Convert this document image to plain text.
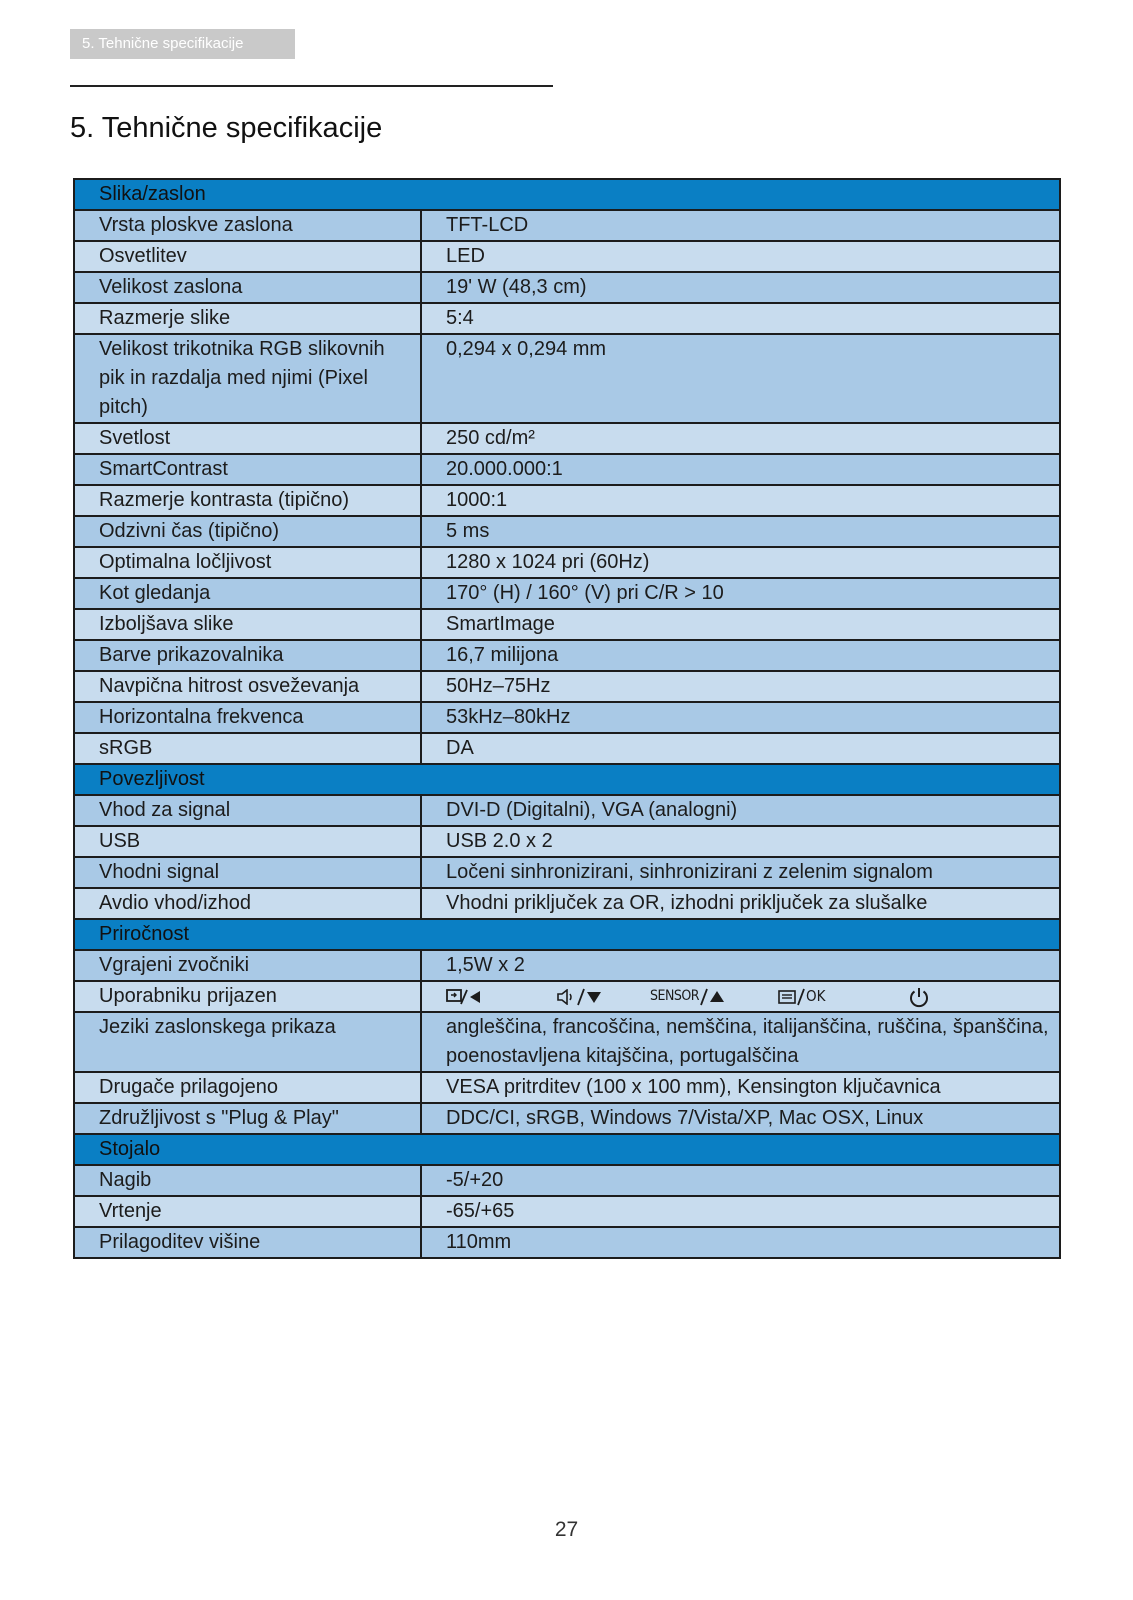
5. Tehnične specifikacije
5. Tehnične specifikacije
Slika/zaslon	
Vrsta ploskve zaslona	TFT-LCD
Osvetlitev	LED
Velikost zaslona	19' W (48,3 cm)
Razmerje slike	5:4
Velikost trikotnika RGB slikovnih pik in razdalja med njimi (Pixel pitch)	0,294 x 0,294 mm
Svetlost	250 cd/m²
SmartContrast	20.000.000:1
Razmerje kontrasta (tipično)	1000:1
Odzivni čas (tipično)	5 ms
Optimalna ločljivost	1280 x 1024 pri (60Hz)
Kot gledanja	170° (H) / 160° (V) pri C/R > 10
Izboljšava slike	SmartImage
Barve prikazovalnika	16,7 milijona
Navpična hitrost osveževanja	50Hz–75Hz
Horizontalna frekvenca	53kHz–80kHz
sRGB	DA
Povezljivost	
Vhod za signal	DVI-D (Digitalni), VGA (analogni)
USB	USB 2.0 x 2
Vhodni signal	Ločeni sinhronizirani, sinhronizirani z zelenim signalom
Avdio vhod/izhod	Vhodni priključek za OR, izhodni priključek za slušalke
Priročnost	
Vgrajeni zvočniki	1,5W x 2
Uporabniku prijazen	SENSOR OK

Jeziki zaslonskega prikaza	angleščina, francoščina, nemščina, italijanščina, ruščina, španščina, poenostavljena kitajščina, portugalščina
Drugače prilagojeno	VESA pritrditev (100 x 100 mm), Kensington ključavnica
Združljivost s "Plug & Play"	DDC/CI, sRGB, Windows 7/Vista/XP, Mac OSX, Linux
Stojalo	
Nagib	-5/+20
Vrtenje	-65/+65
Prilagoditev višine	110mm
27
